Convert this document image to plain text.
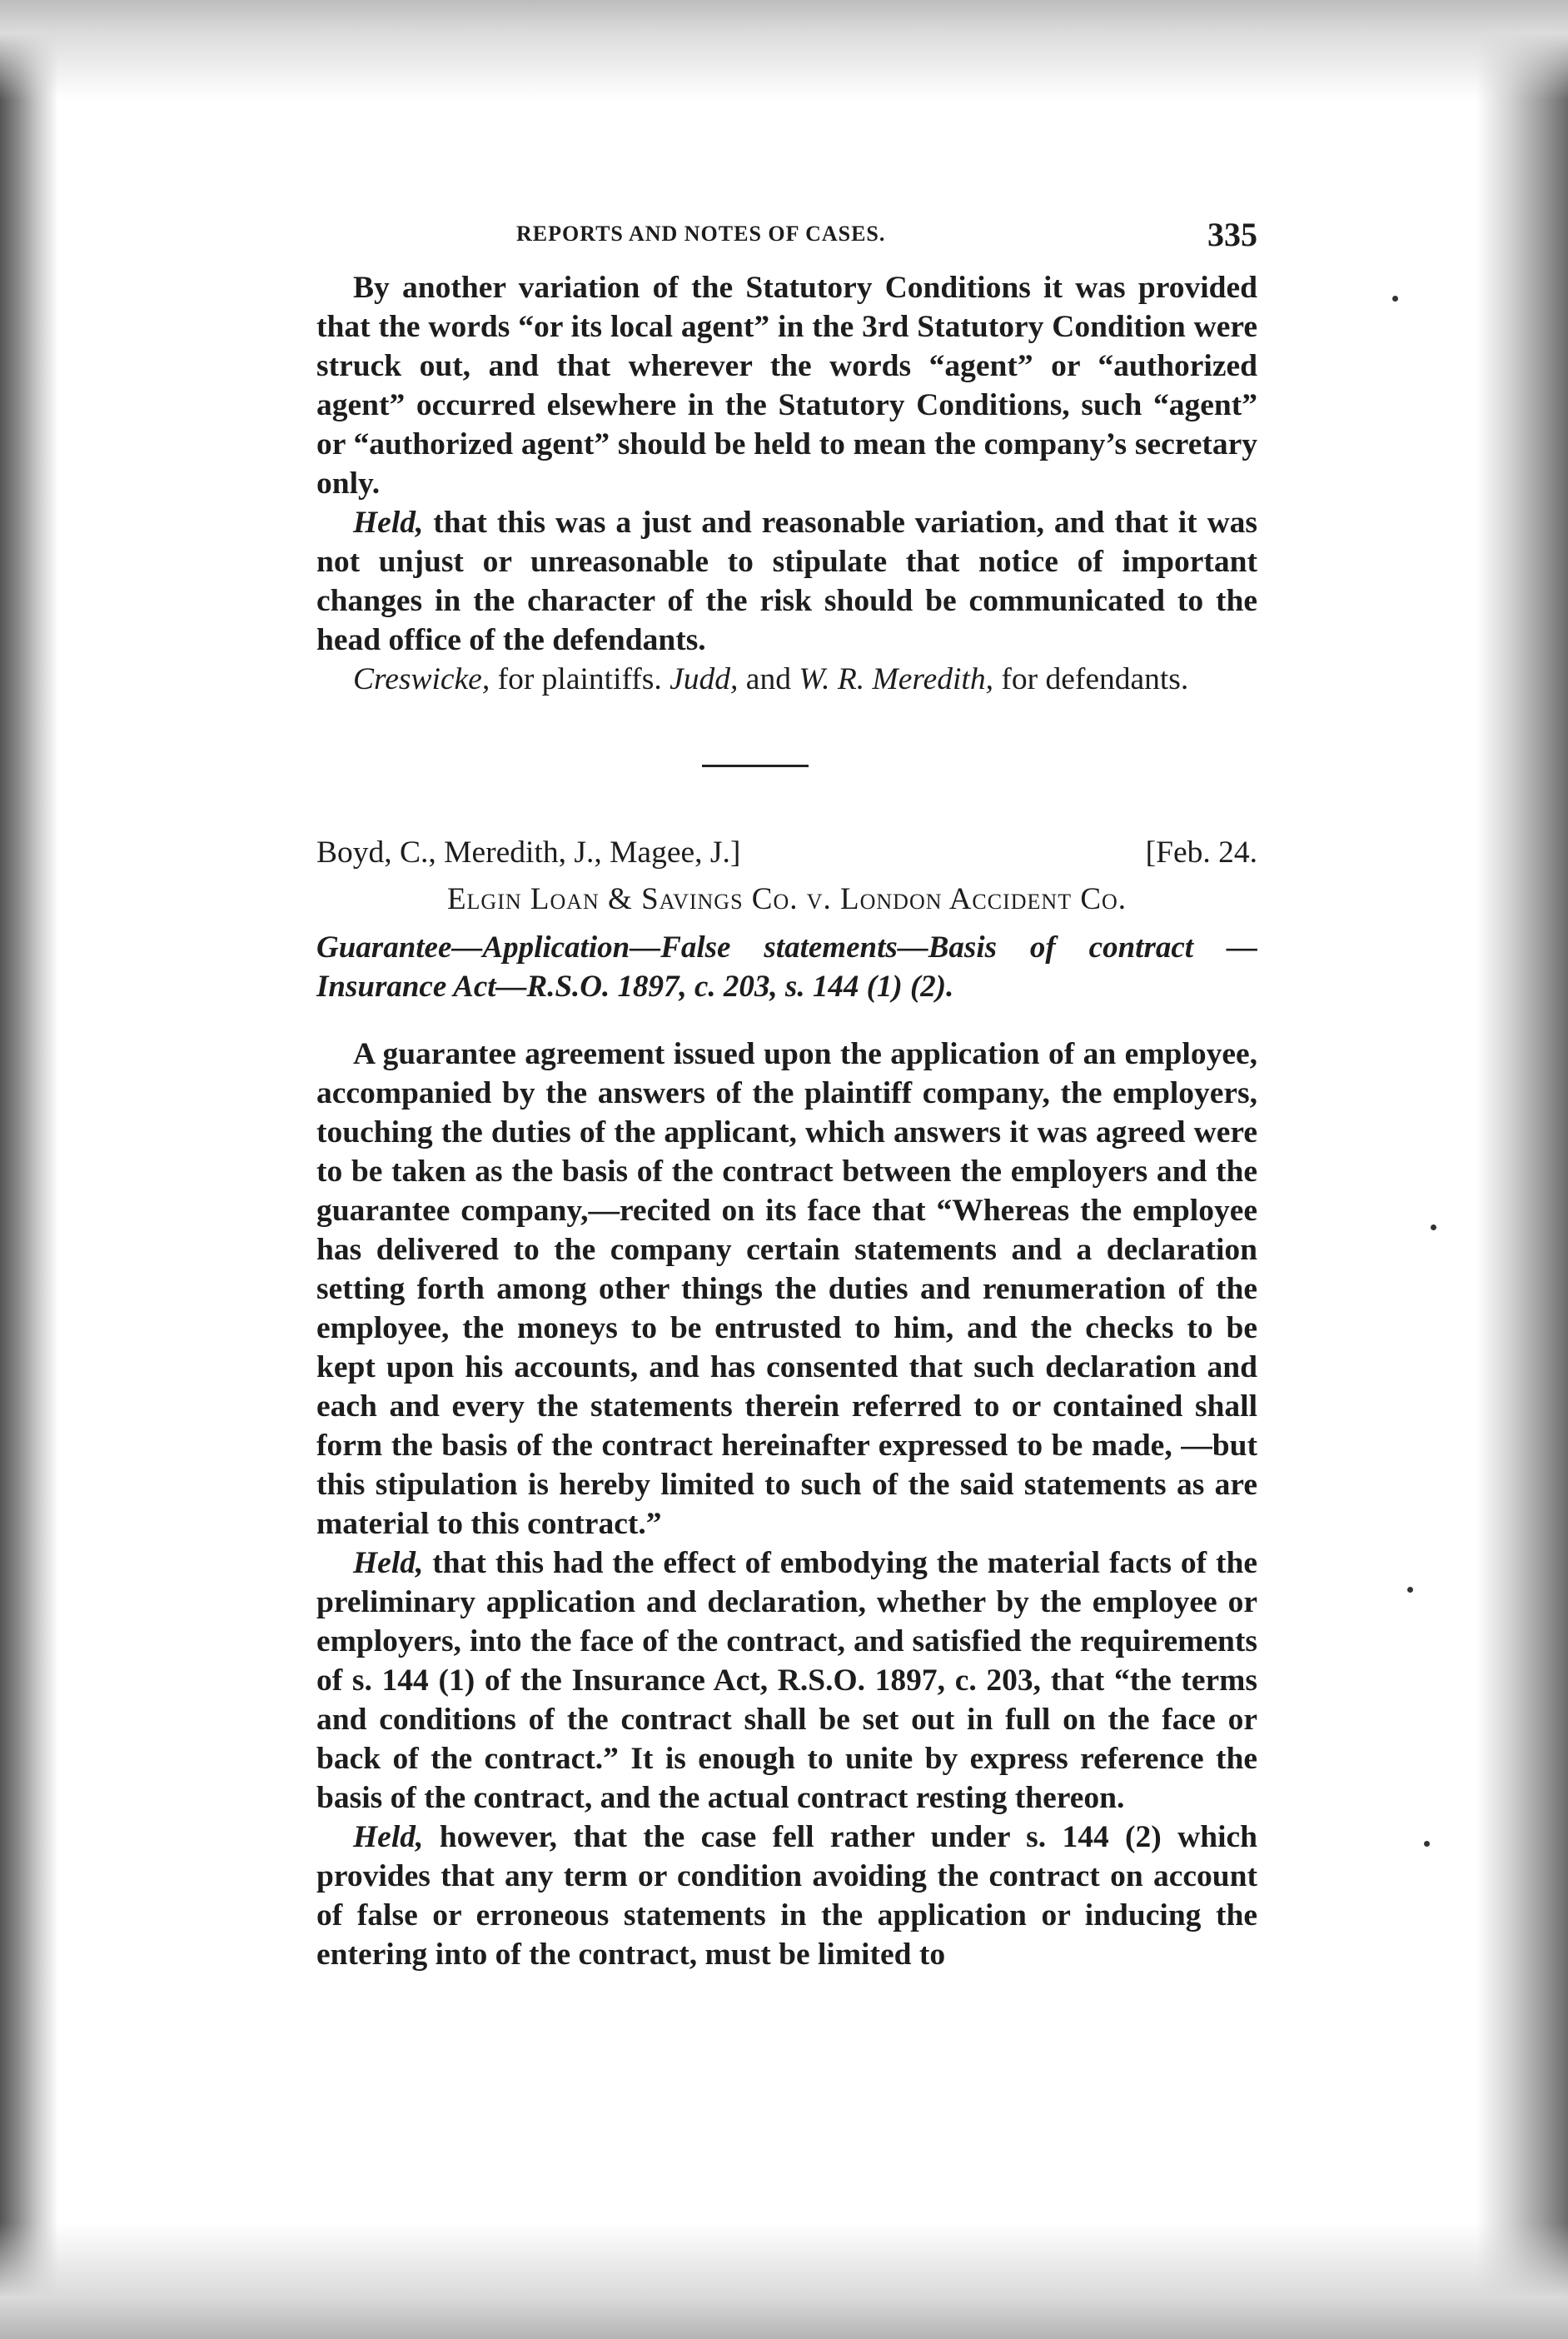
REPORTS AND NOTES OF CASES.	335

By another variation of the Statutory Conditions it was provided that the words “or its local agent” in the 3rd Statutory Condition were struck out, and that wherever the words “agent” or “authorized agent” occurred elsewhere in the Statutory Conditions, such “agent” or “authorized agent” should be held to mean the company’s secretary only.

Held, that this was a just and reasonable variation, and that it was not unjust or unreasonable to stipulate that notice of important changes in the character of the risk should be communicated to the head office of the defendants.

Creswicke, for plaintiffs. Judd, and W. R. Meredith, for defendants.

Boyd, C., Meredith, J., Magee, J.]	[Feb. 24.
Elgin Loan & Savings Co. v. London Accident Co.
Guarantee—Application—False statements—Basis of contract —Insurance Act—R.S.O. 1897, c. 203, s. 144 (1) (2).

A guarantee agreement issued upon the application of an employee, accompanied by the answers of the plaintiff company, the employers, touching the duties of the applicant, which answers it was agreed were to be taken as the basis of the contract between the employers and the guarantee company,—recited on its face that “Whereas the employee has delivered to the company certain statements and a declaration setting forth among other things the duties and renumeration of the employee, the moneys to be entrusted to him, and the checks to be kept upon his accounts, and has consented that such declaration and each and every the statements therein referred to or contained shall form the basis of the contract hereinafter expressed to be made, —but this stipulation is hereby limited to such of the said statements as are material to this contract.”

Held, that this had the effect of embodying the material facts of the preliminary application and declaration, whether by the employee or employers, into the face of the contract, and satisfied the requirements of s. 144 (1) of the Insurance Act, R.S.O. 1897, c. 203, that “the terms and conditions of the contract shall be set out in full on the face or back of the contract.” It is enough to unite by express reference the basis of the contract, and the actual contract resting thereon.

Held, however, that the case fell rather under s. 144 (2) which provides that any term or condition avoiding the contract on account of false or erroneous statements in the application or inducing the entering into of the contract, must be limited to
